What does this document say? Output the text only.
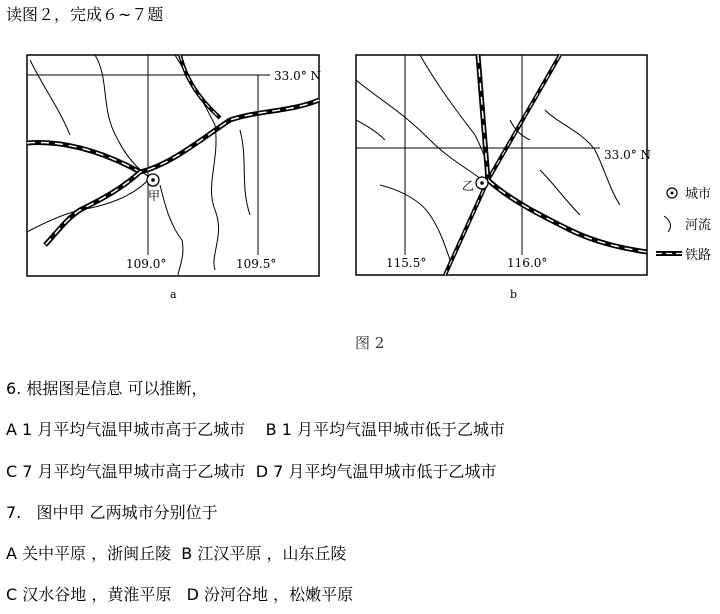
读图２，完成６~７题
甲
33.0° N
109.0°	109.5°
a
乙
33.0° N
115.5°	116.0°
b
城市
河流
铁路
图 2
6. 根据图是信息 可以推断，
A 1 月平均气温甲城市高于乙城市    B 1 月平均气温甲城市低于乙城市
C 7 月平均气温甲城市高于乙城市  D 7 月平均气温甲城市低于乙城市
7.   图中甲 乙两城市分别位于
A 关中平原 ，浙闽丘陵  B 江汉平原 ，山东丘陵
C 汉水谷地 ，黄淮平原   D 汾河谷地 ，松嫩平原
